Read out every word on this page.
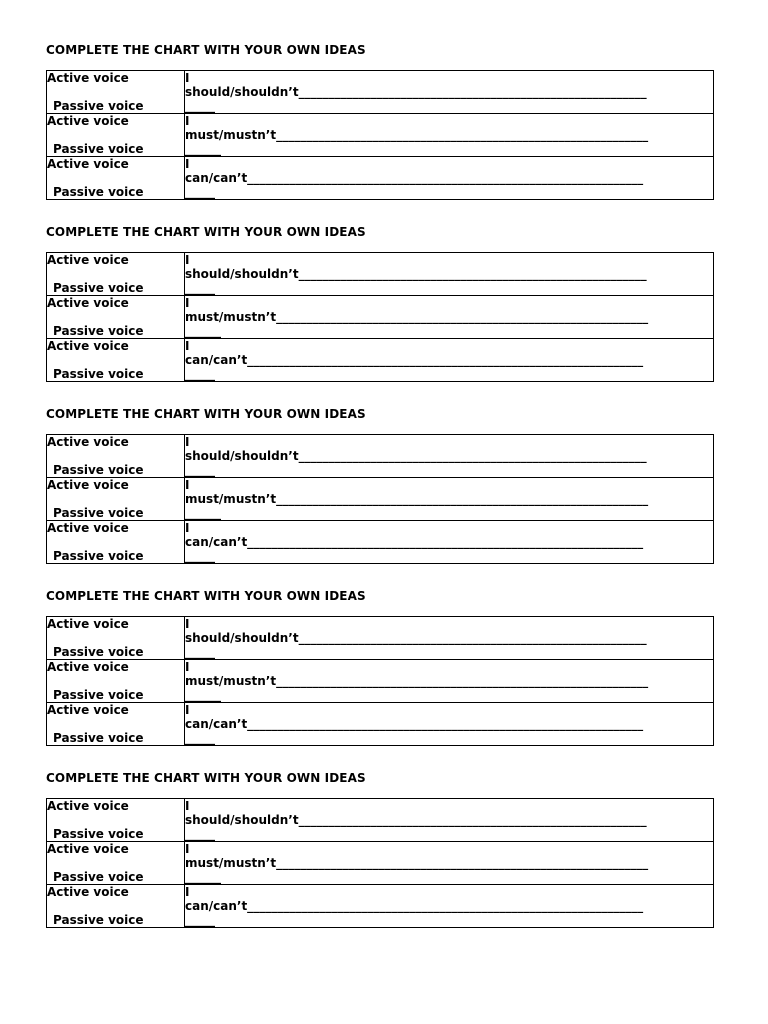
COMPLETE THE CHART WITH YOUR OWN IDEAS
Active voice
Passive voice	I
should/shouldn’t__________________________________________________________
_____

Active voice
Passive voice	I
must/mustn’t______________________________________________________________
______

Active voice
Passive voice	I
can/can’t__________________________________________________________________
_____
COMPLETE THE CHART WITH YOUR OWN IDEAS
Active voice
Passive voice	I
should/shouldn’t__________________________________________________________
_____

Active voice
Passive voice	I
must/mustn’t______________________________________________________________
______

Active voice
Passive voice	I
can/can’t__________________________________________________________________
_____
COMPLETE THE CHART WITH YOUR OWN IDEAS
Active voice
Passive voice	I
should/shouldn’t__________________________________________________________
_____

Active voice
Passive voice	I
must/mustn’t______________________________________________________________
______

Active voice
Passive voice	I
can/can’t__________________________________________________________________
_____
COMPLETE THE CHART WITH YOUR OWN IDEAS
Active voice
Passive voice	I
should/shouldn’t__________________________________________________________
_____

Active voice
Passive voice	I
must/mustn’t______________________________________________________________
______

Active voice
Passive voice	I
can/can’t__________________________________________________________________
_____
COMPLETE THE CHART WITH YOUR OWN IDEAS
Active voice
Passive voice	I
should/shouldn’t__________________________________________________________
_____

Active voice
Passive voice	I
must/mustn’t______________________________________________________________
______

Active voice
Passive voice	I
can/can’t__________________________________________________________________
_____
